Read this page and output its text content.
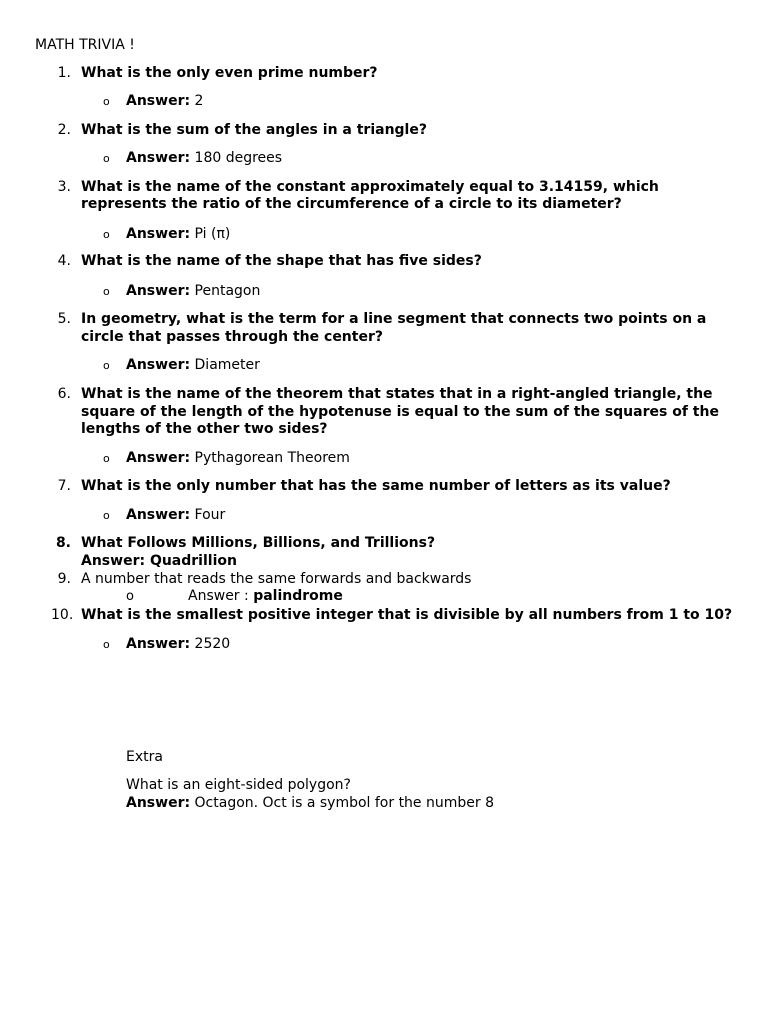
MATH TRIVIA !
1. What is the only even prime number?
o Answer: 2
2. What is the sum of the angles in a triangle?
o Answer: 180 degrees
3. What is the name of the constant approximately equal to 3.14159, which
represents the ratio of the circumference of a circle to its diameter?
o Answer: Pi (π)
4. What is the name of the shape that has five sides?
o Answer: Pentagon
5. In geometry, what is the term for a line segment that connects two points on a
circle that passes through the center?
o Answer: Diameter
6. What is the name of the theorem that states that in a right-angled triangle, the
square of the length of the hypotenuse is equal to the sum of the squares of the
lengths of the other two sides?
o Answer: Pythagorean Theorem
7. What is the only number that has the same number of letters as its value?
o Answer: Four
8. What Follows Millions, Billions, and Trillions?
Answer: Quadrillion
9. A number that reads the same forwards and backwards
o	Answer : palindrome
10. What is the smallest positive integer that is divisible by all numbers from 1 to 10?
o Answer: 2520
Extra
What is an eight-sided polygon?
Answer: Octagon. Oct is a symbol for the number 8
